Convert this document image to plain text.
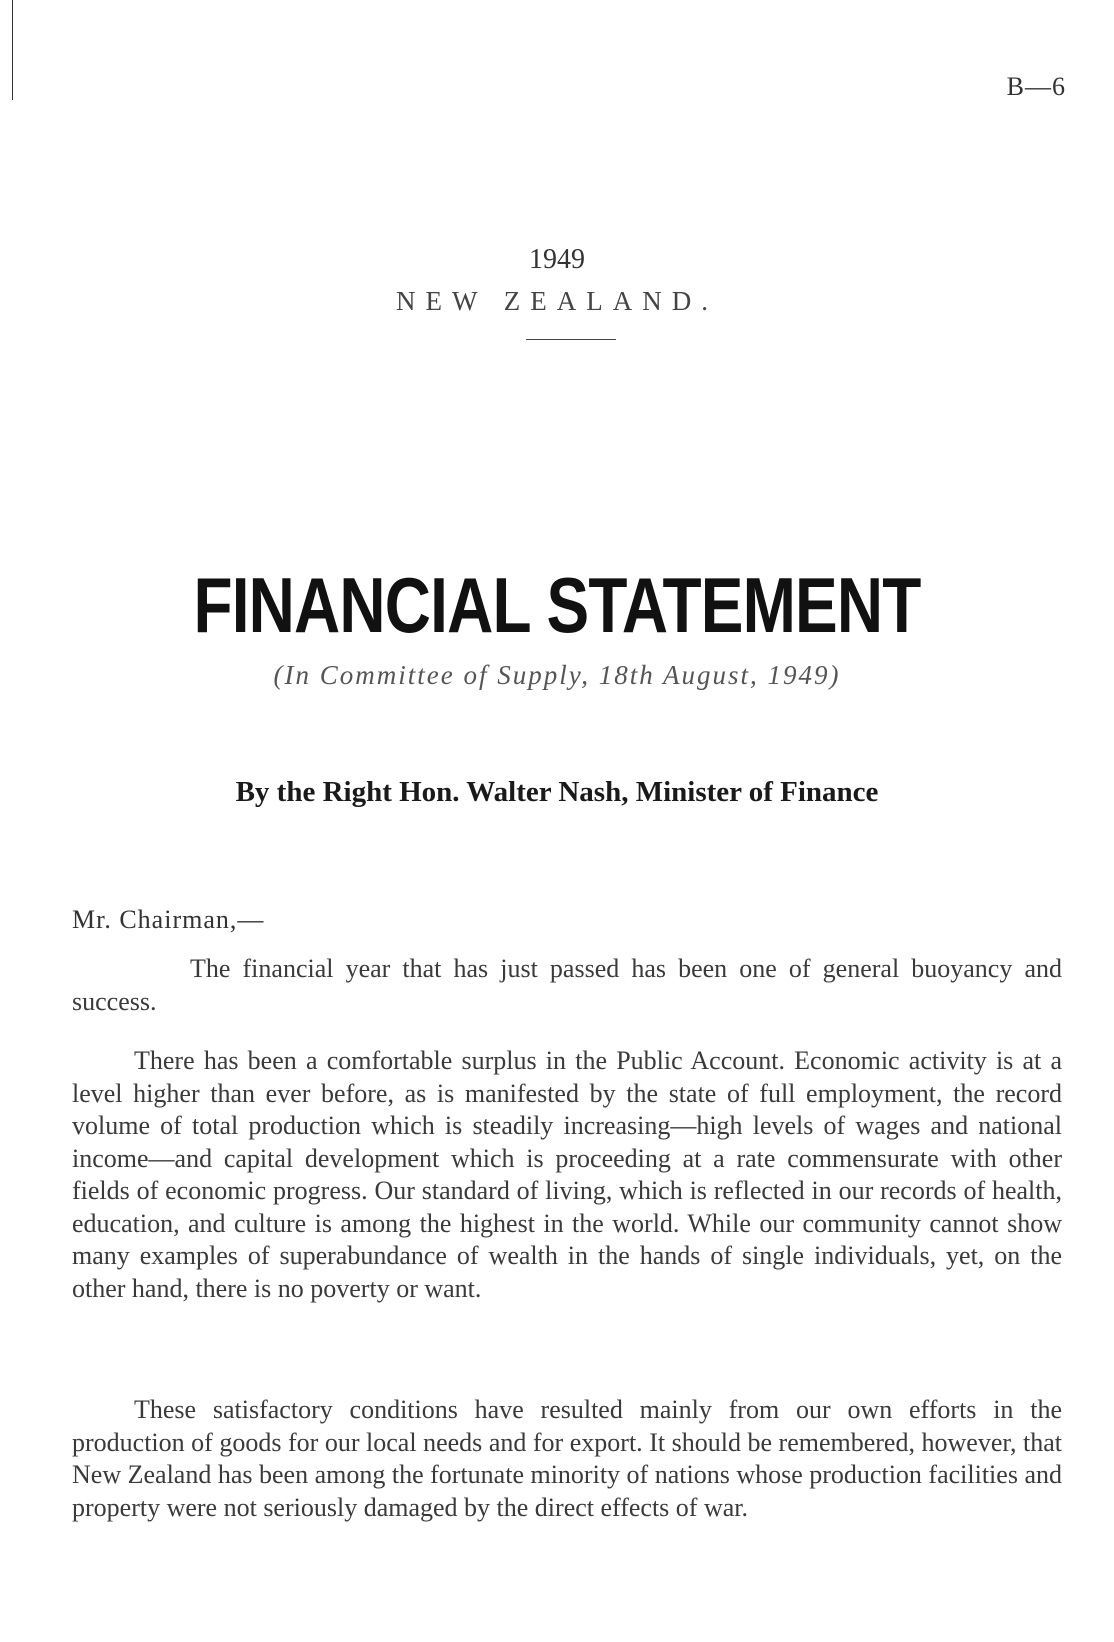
B—6
1949
NEW ZEALAND.
FINANCIAL STATEMENT
(In Committee of Supply, 18th August, 1949)
By the Right Hon. Walter Nash, Minister of Finance
Mr. Chairman,—

The financial year that has just passed has been one of general buoyancy and success.

There has been a comfortable surplus in the Public Account. Economic activity is at a level higher than ever before, as is manifested by the state of full employment, the record volume of total production which is steadily increasing—high levels of wages and national income—and capital development which is proceeding at a rate commensurate with other fields of economic progress. Our standard of living, which is reflected in our records of health, education, and culture is among the highest in the world. While our community cannot show many examples of superabundance of wealth in the hands of single individuals, yet, on the other hand, there is no poverty or want.

These satisfactory conditions have resulted mainly from our own efforts in the production of goods for our local needs and for export. It should be remembered, however, that New Zealand has been among the fortunate minority of nations whose production facilities and property were not seriously damaged by the direct effects of war.
